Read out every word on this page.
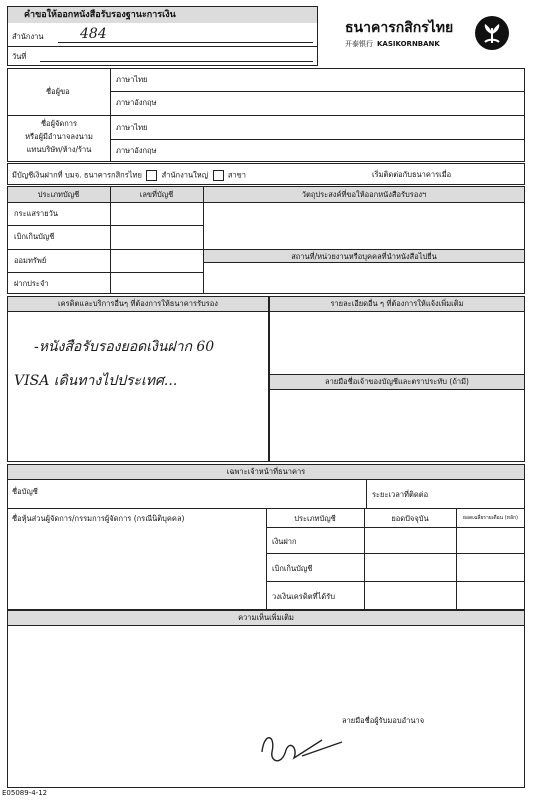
คำขอให้ออกหนังสือรับรองฐานะการเงิน
สำนักงาน	484
วันที่
ธนาคารกสิกรไทย
开泰银行 KASIKORNBANK
ชื่อผู้ขอ
ภาษาไทย
ภาษาอังกฤษ
ชื่อผู้จัดการ
หรือผู้มีอำนาจลงนาม
แทนบริษัท/ห้าง/ร้าน
ภาษาไทย
ภาษาอังกฤษ
มีบัญชีเงินฝากที่ บมจ. ธนาคารกสิกรไทย	สำนักงานใหญ่	สาขา	เริ่มติดต่อกับธนาคารเมื่อ
ประเภทบัญชี	เลขที่บัญชี	วัตถุประสงค์ที่ขอให้ออกหนังสือรับรองฯ
กระแสรายวัน
เบิกเกินบัญชี
ออมทรัพย์
ฝากประจำ
สถานที่/หน่วยงานหรือบุคคลที่นำหนังสือไปยื่น
เครดิตและบริการอื่นๆ ที่ต้องการให้ธนาคารรับรอง
-หนังสือรับรองยอดเงินฝาก 60
VISA เดินทางไปประเทศ...
รายละเอียดอื่น ๆ ที่ต้องการให้แจ้งเพิ่มเติม
ลายมือชื่อเจ้าของบัญชีและตราประทับ (ถ้ามี)
เฉพาะเจ้าหน้าที่ธนาคาร
ชื่อบัญชี	ระยะเวลาที่ติดต่อ
ชื่อหุ้นส่วนผู้จัดการ/กรรมการผู้จัดการ (กรณีนิติบุคคล)	ประเภทบัญชี	ยอดปัจจุบัน	ยอดเฉลี่ยรายเดือน (หลัก)
เงินฝาก
เบิกเกินบัญชี
วงเงินเครดิตที่ได้รับ
ความเห็นเพิ่มเติม
ลายมือชื่อผู้รับมอบอำนาจ
E05089-4-12
